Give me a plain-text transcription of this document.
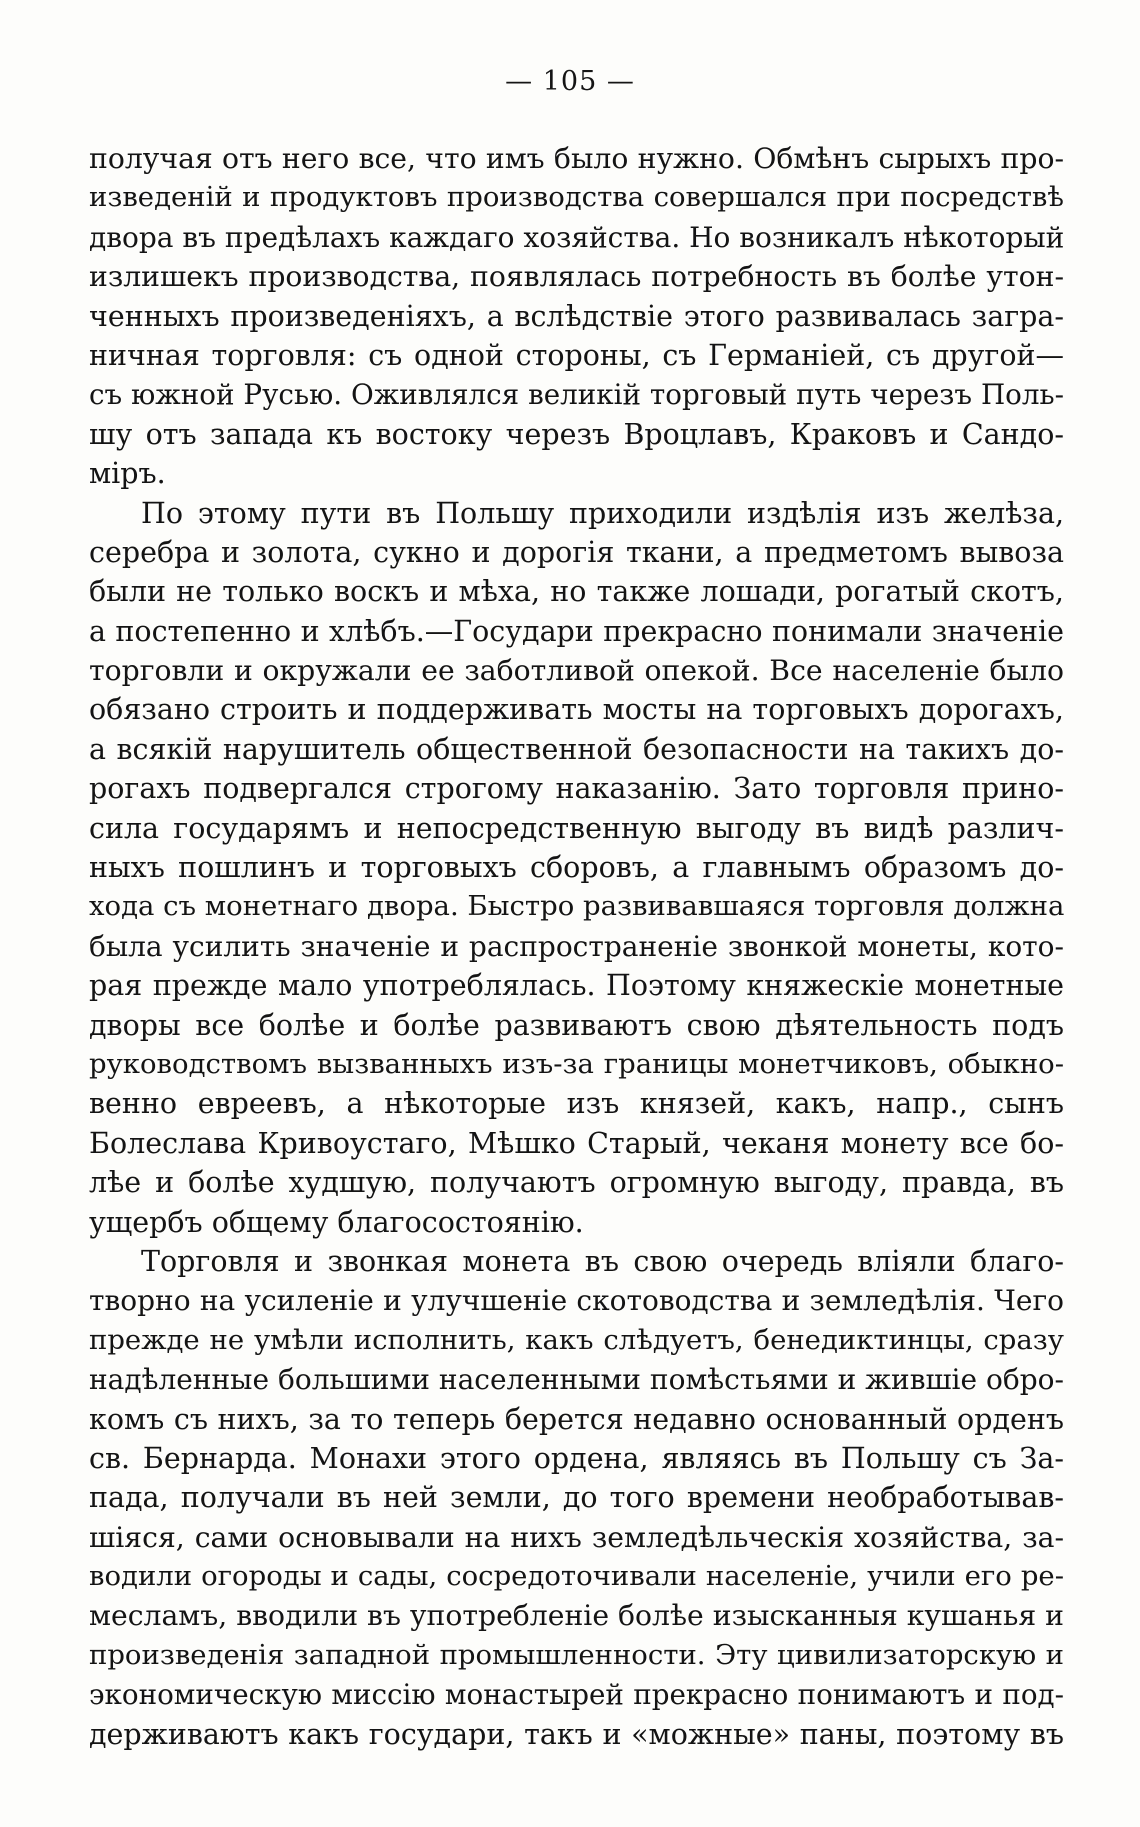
— 105 —
получая отъ него все, что имъ было нужно. Обмѣнъ сырыхъ про-
изведеній и продуктовъ производства совершался при посредствѣ
двора въ предѣлахъ каждаго хозяйства. Но возникалъ нѣкоторый
излишекъ производства, появлялась потребность въ болѣе утон-
ченныхъ произведеніяхъ, а вслѣдствіе этого развивалась загра-
ничная торговля: съ одной стороны, съ Германіей, съ другой—
съ южной Русью. Оживлялся великій торговый путь черезъ Поль-
шу отъ запада къ востоку черезъ Вроцлавъ, Краковъ и Сандо-
міръ.
По этому пути въ Польшу приходили издѣлія изъ желѣза,
серебра и золота, сукно и дорогія ткани, а предметомъ вывоза
были не только воскъ и мѣха, но также лошади, рогатый скотъ,
а постепенно и хлѣбъ.—Государи прекрасно понимали значеніе
торговли и окружали ее заботливой опекой. Все населеніе было
обязано строить и поддерживать мосты на торговыхъ дорогахъ,
а всякій нарушитель общественной безопасности на такихъ до-
рогахъ подвергался строгому наказанію. Зато торговля прино-
сила государямъ и непосредственную выгоду въ видѣ различ-
ныхъ пошлинъ и торговыхъ сборовъ, а главнымъ образомъ до-
хода съ монетнаго двора. Быстро развивавшаяся торговля должна
была усилить значеніе и распространеніе звонкой монеты, кото-
рая прежде мало употреблялась. Поэтому княжескіе монетные
дворы все болѣе и болѣе развиваютъ свою дѣятельность подъ
руководствомъ вызванныхъ изъ-за границы монетчиковъ, обыкно-
венно евреевъ, а нѣкоторые изъ князей, какъ, напр., сынъ
Болеслава Кривоустаго, Мѣшко Старый, чеканя монету все бо-
лѣе и болѣе худшую, получаютъ огромную выгоду, правда, въ
ущербъ общему благосостоянію.
Торговля и звонкая монета въ свою очередь вліяли благо-
творно на усиленіе и улучшеніе скотоводства и земледѣлія. Чего
прежде не умѣли исполнить, какъ слѣдуетъ, бенедиктинцы, сразу
надѣленные большими населенными помѣстьями и жившіе обро-
комъ съ нихъ, за то теперь берется недавно основанный орденъ
св. Бернарда. Монахи этого ордена, являясь въ Польшу съ За-
пада, получали въ ней земли, до того времени необработывав-
шіяся, сами основывали на нихъ земледѣльческія хозяйства, за-
водили огороды и сады, сосредоточивали населеніе, учили его ре-
месламъ, вводили въ употребленіе болѣе изысканныя кушанья и
произведенія западной промышленности. Эту цивилизаторскую и
экономическую миссію монастырей прекрасно понимаютъ и под-
держиваютъ какъ государи, такъ и «можные» паны, поэтому въ
